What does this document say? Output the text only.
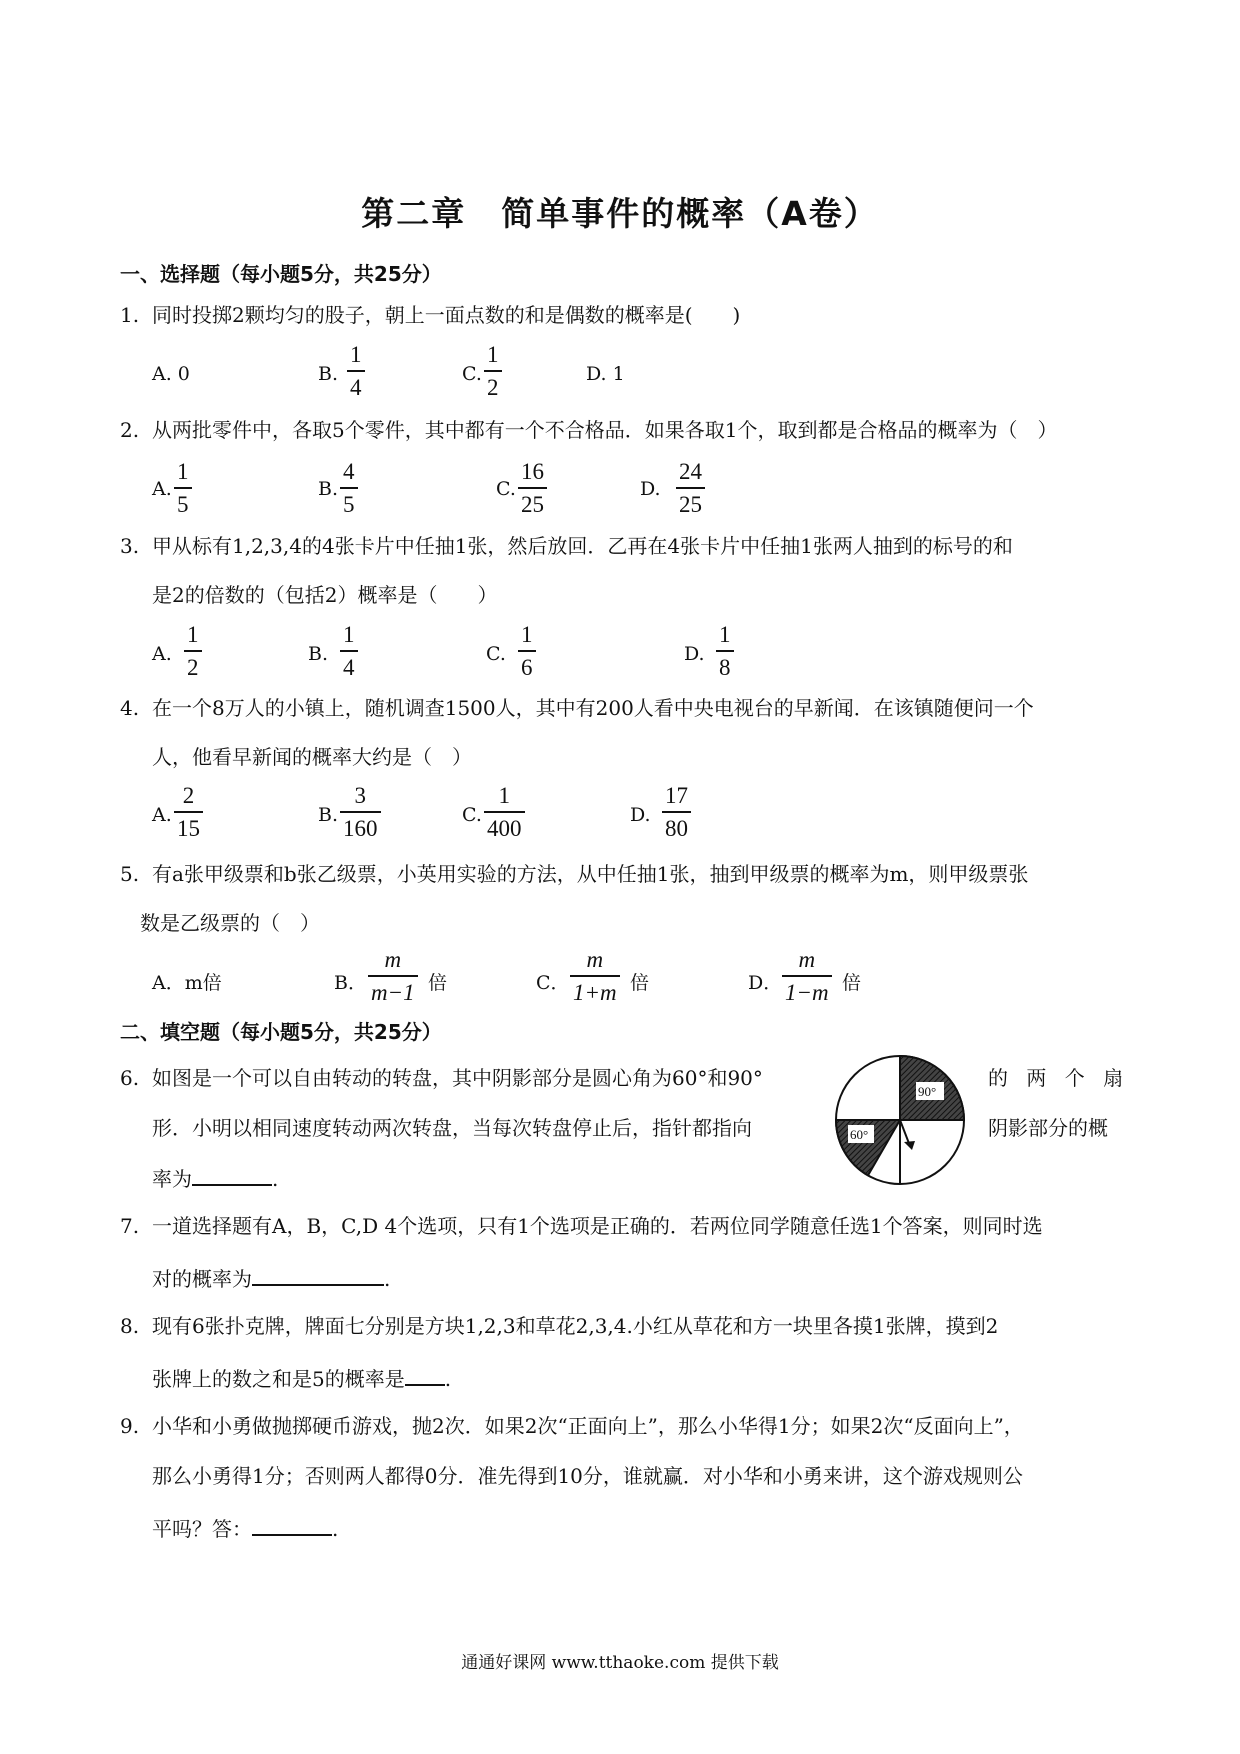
第二章　简单事件的概率（A卷）
一、选择题（每小题5分，共25分）
1. 同时投掷2颗均匀的股子，朝上一面点数的和是偶数的概率是(　　)
A. 0	B.
1
4
C.
1
2
D. 1
2. 从两批零件中，各取5个零件，其中都有一个不合格品．如果各取1个，取到都是合格品的概率为（　）
A.
1
5
B.
4
5
C.
16
25
D.
24
25
3. 甲从标有1,2,3,4的4张卡片中任抽1张，然后放回．乙再在4张卡片中任抽1张两人抽到的标号的和
是2的倍数的（包括2）概率是（　　）
A.
1
2
B.
1
4
C.
1
6
D.
1
8
4. 在一个8万人的小镇上，随机调查1500人，其中有200人看中央电视台的早新闻．在该镇随便问一个
人，他看早新闻的概率大约是（　）
A.
2
15
B.
3
160
C.
1
400
D.
17
80
5. 有a张甲级票和b张乙级票，小英用实验的方法，从中任抽1张，抽到甲级票的概率为m，则甲级票张
数是乙级票的（　）
A．m倍	B．
m
m−1 倍	C．
m
1+m 倍	D．
m
1−m 倍
二、填空题（每小题5分，共25分）
6. 如图是一个可以自由转动的转盘，其中阴影部分是圆心角为60°和90°	的 两 个 扇
形．小明以相同速度转动两次转盘，当每次转盘停止后，指针都指向	阴影部分的概
率为	.
90°
60°
7. 一道选择题有A，B，C,D 4个选项，只有1个选项是正确的．若两位同学随意任选1个答案，则同时选
对的概率为	.
8. 现有6张扑克牌，牌面七分别是方块1,2,3和草花2,3,4.小红从草花和方一块里各摸1张牌，摸到2
张牌上的数之和是5的概率是 .
9. 小华和小勇做抛掷硬币游戏，抛2次．如果2次“正面向上”，那么小华得1分；如果2次“反面向上”，
那么小勇得1分；否则两人都得0分．准先得到10分，谁就赢．对小华和小勇来讲，这个游戏规则公
平吗？答：	.
通通好课网 www.tthaoke.com 提供下载
